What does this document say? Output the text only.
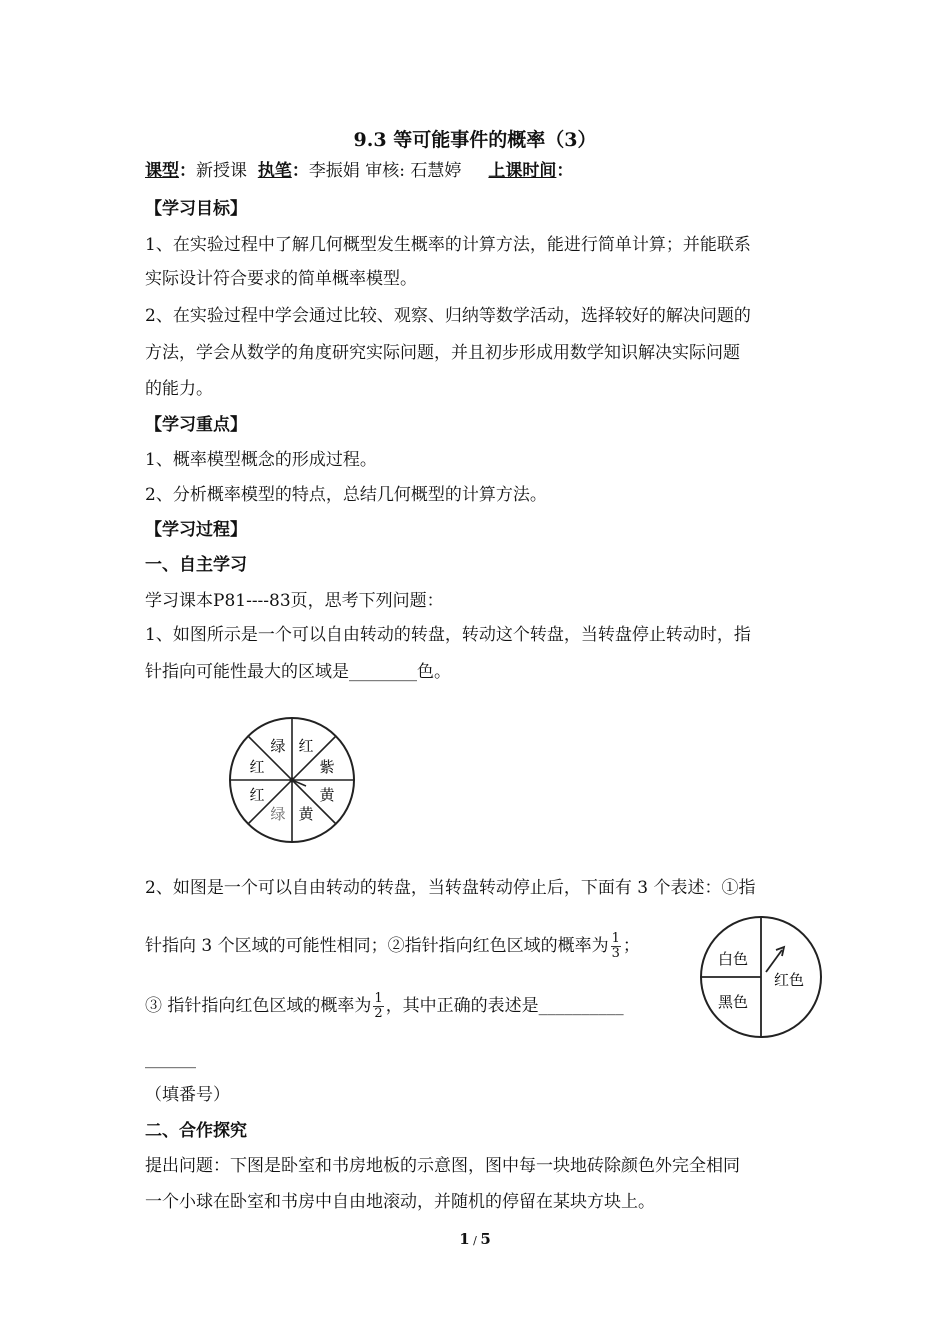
9.3 等可能事件的概率（3）
课型：新授课 执笔：李振娟 审核: 石慧婷 上课时间：
【学习目标】
1、在实验过程中了解几何概型发生概率的计算方法，能进行简单计算；并能联系
实际设计符合要求的简单概率模型。
2、在实验过程中学会通过比较、观察、归纳等数学活动，选择较好的解决问题的
方法，学会从数学的角度研究实际问题，并且初步形成用数学知识解决实际问题
的能力。
【学习重点】
1、概率模型概念的形成过程。
2、分析概率模型的特点，总结几何概型的计算方法。
【学习过程】
一、自主学习
学习课本P81----83页，思考下列问题：
1、如图所示是一个可以自由转动的转盘，转动这个转盘，当转盘停止转动时，指
针指向可能性最大的区域是________色。
绿 红
紫
黄
黄
绿
红
红
2、如图是一个可以自由转动的转盘，当转盘转动停止后，下面有 3 个表述：①指
针指向 3 个区域的可能性相同；②指针指向红色区域的概率为 $\frac{1}{3}$ ；
③ 指针指向红色区域的概率为 $\frac{1}{2}$ ，其中正确的表述是__________
______
（填番号）
白色
黑色
红色
二、合作探究
提出问题：下图是卧室和书房地板的示意图，图中每一块地砖除颜色外完全相同
一个小球在卧室和书房中自由地滚动，并随机的停留在某块方块上。
1 / 5
